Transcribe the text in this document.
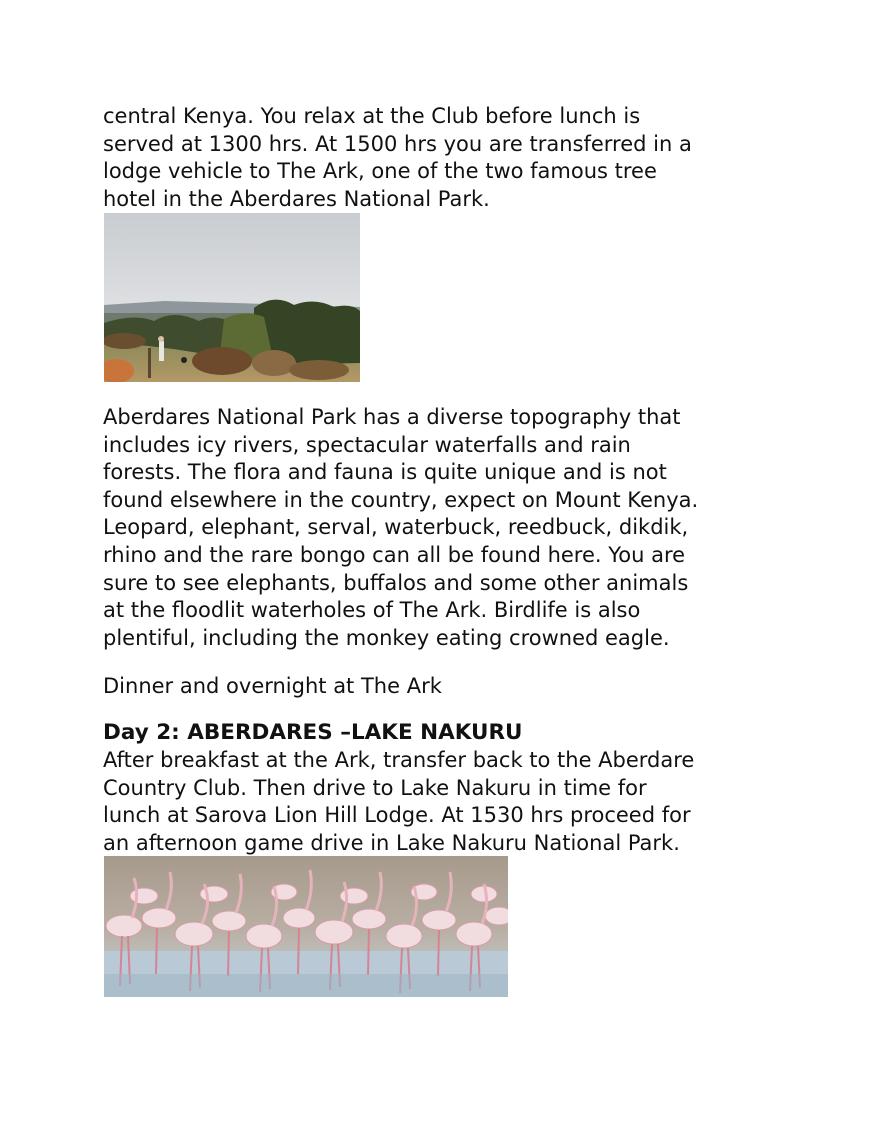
central Kenya. You relax at the Club before lunch is
served at 1300 hrs. At 1500 hrs you are transferred in a
lodge vehicle to The Ark, one of the two famous tree
hotel in the Aberdares National Park.

Aberdares National Park has a diverse topography that
includes icy rivers, spectacular waterfalls and rain
forests. The flora and fauna is quite unique and is not
found elsewhere in the country, expect on Mount Kenya.
Leopard, elephant, serval, waterbuck, reedbuck, dikdik,
rhino and the rare bongo can all be found here. You are
sure to see elephants, buffalos and some other animals
at the floodlit waterholes of The Ark. Birdlife is also
plentiful, including the monkey eating crowned eagle.

Dinner and overnight at The Ark

Day 2: ABERDARES –LAKE NAKURU

After breakfast at the Ark, transfer back to the Aberdare
Country Club. Then drive to Lake Nakuru in time for
lunch at Sarova Lion Hill Lodge. At 1530 hrs proceed for
an afternoon game drive in Lake Nakuru National Park.
